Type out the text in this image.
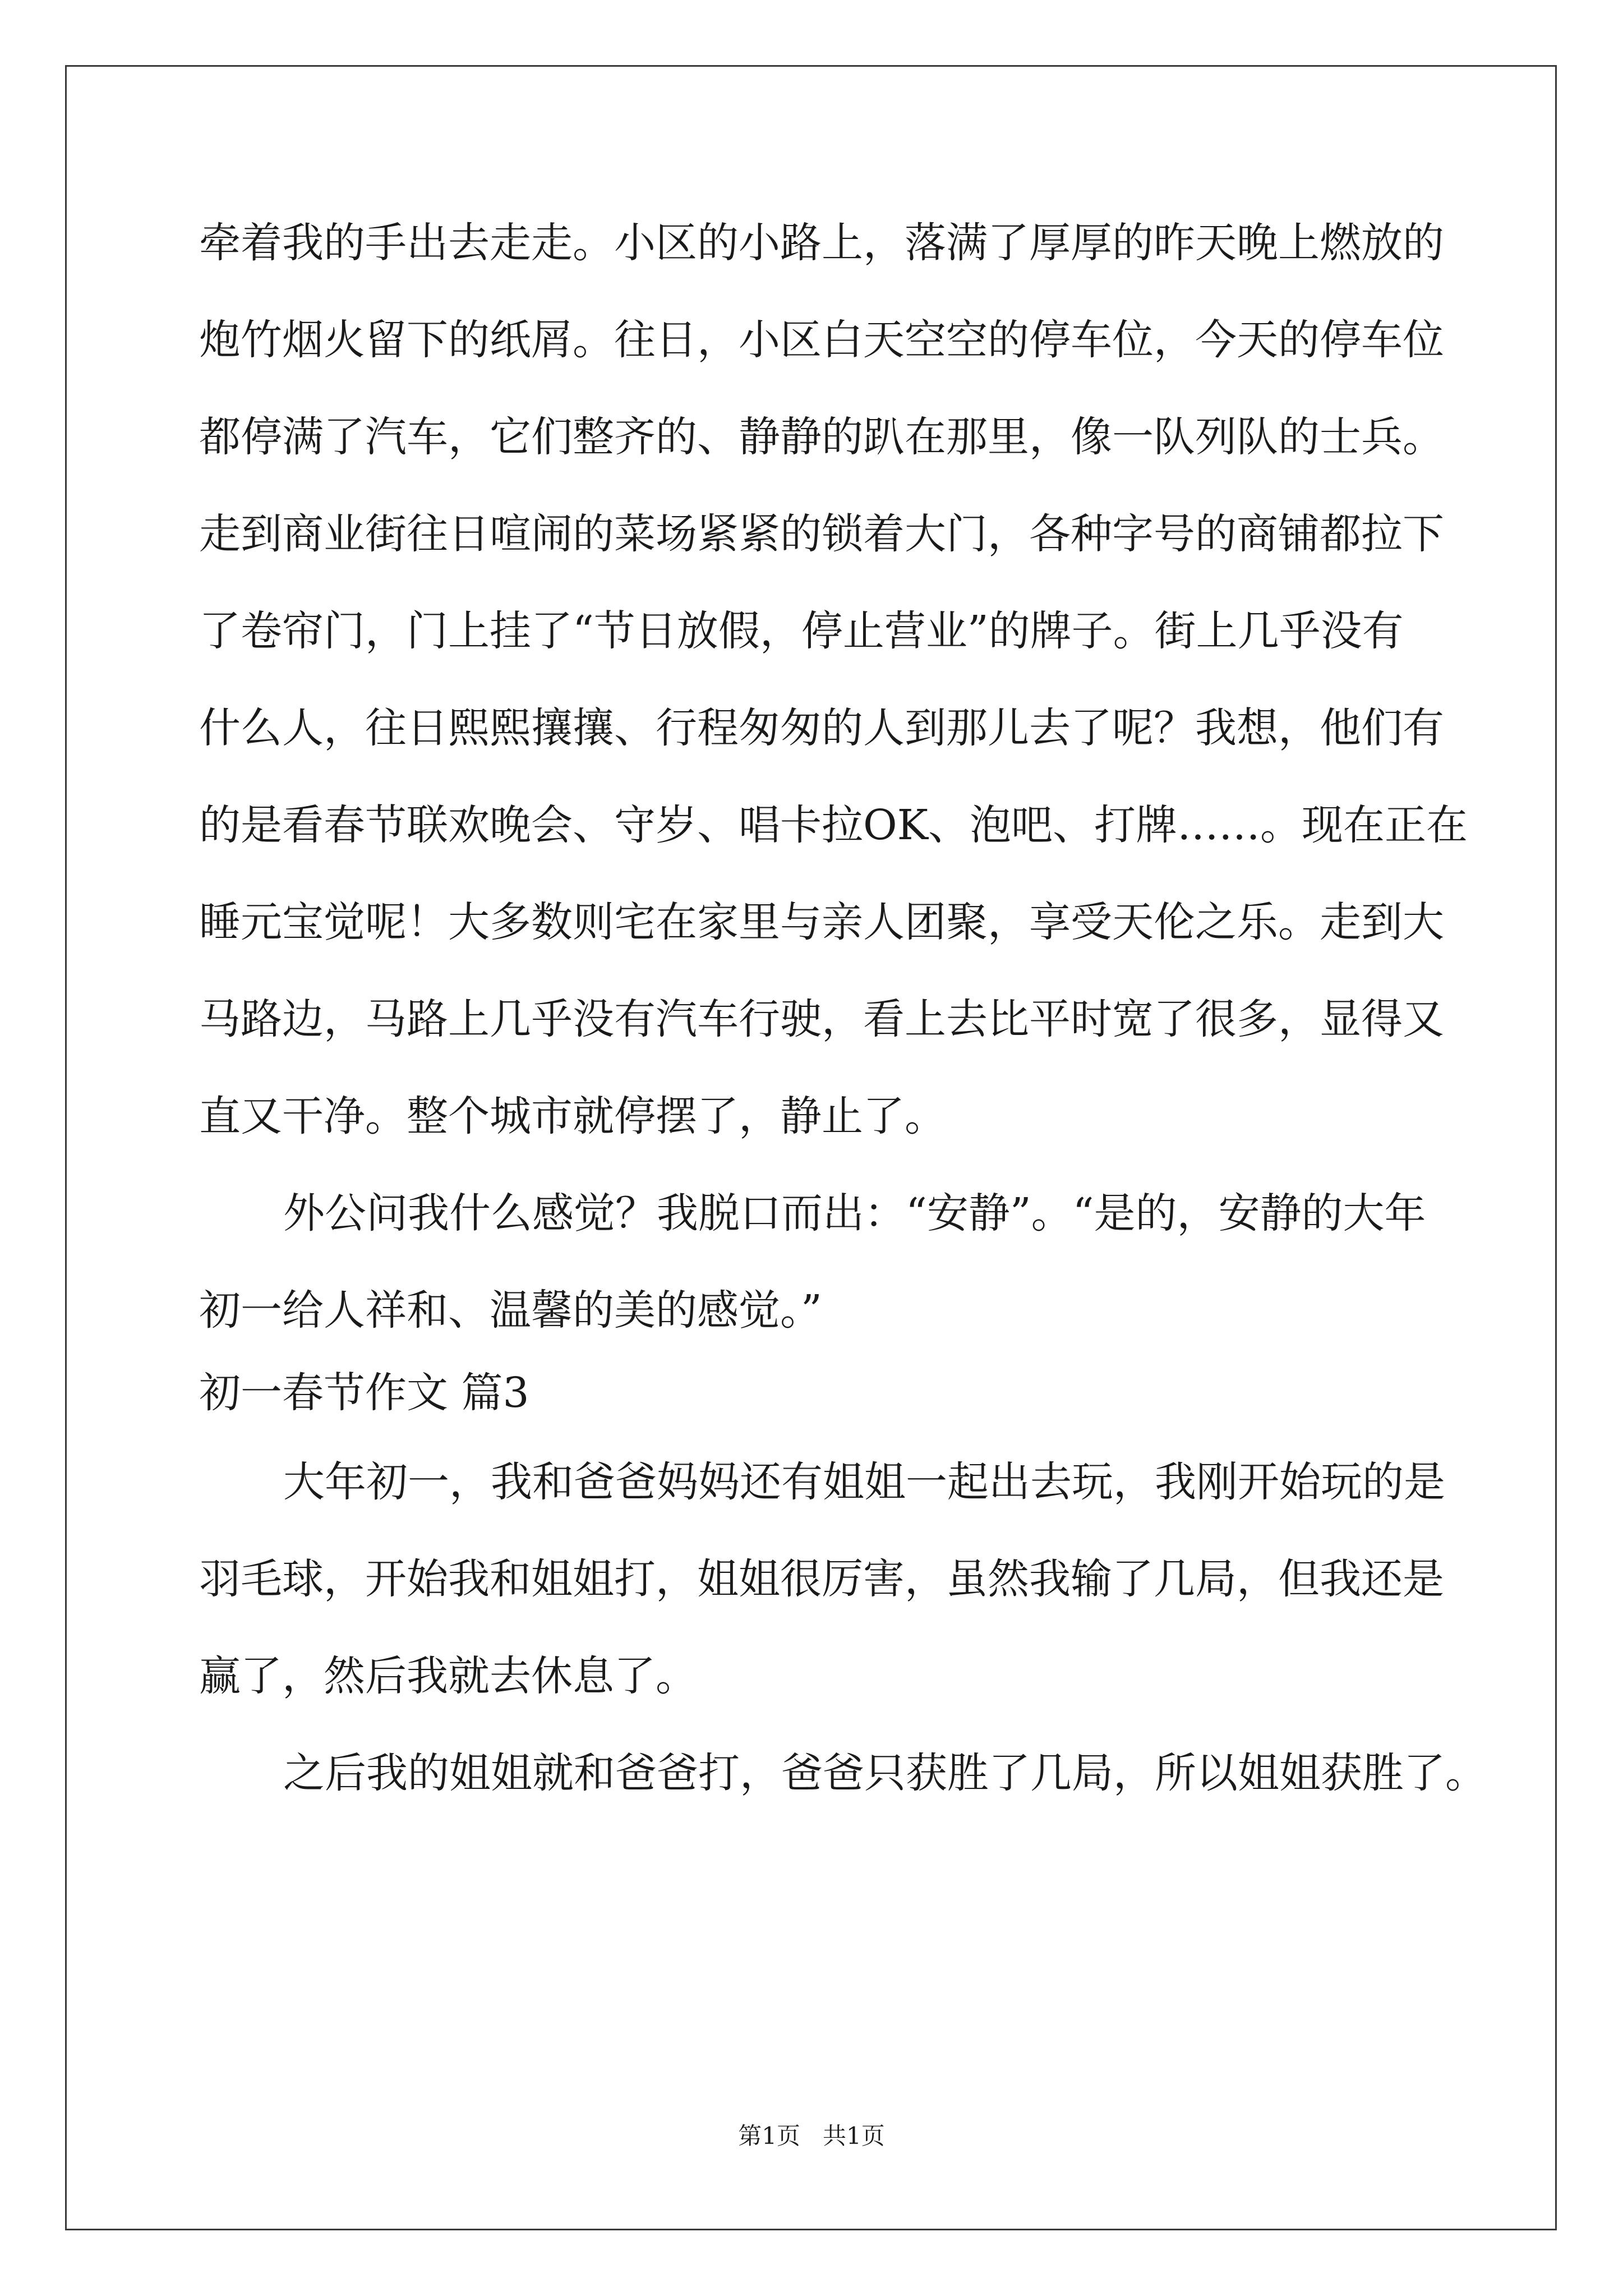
牵着我的手出去走走。小区的小路上，落满了厚厚的昨天晚上燃放的
炮竹烟火留下的纸屑。往日，小区白天空空的停车位，今天的停车位
都停满了汽车，它们整齐的、静静的趴在那里，像一队列队的士兵。
走到商业街往日喧闹的菜场紧紧的锁着大门，各种字号的商铺都拉下
了卷帘门，门上挂了“节日放假，停止营业”的牌子。街上几乎没有
什么人，往日熙熙攘攘、行程匆匆的人到那儿去了呢？我想，他们有
的是看春节联欢晚会、守岁、唱卡拉OK、泡吧、打牌……。现在正在
睡元宝觉呢！大多数则宅在家里与亲人团聚，享受天伦之乐。走到大
马路边，马路上几乎没有汽车行驶，看上去比平时宽了很多，显得又
直又干净。整个城市就停摆了，静止了。
外公问我什么感觉？我脱口而出：“安静”。“是的，安静的大年
初一给人祥和、温馨的美的感觉。”
初一春节作文 篇3
大年初一，我和爸爸妈妈还有姐姐一起出去玩，我刚开始玩的是
羽毛球，开始我和姐姐打，姐姐很厉害，虽然我输了几局，但我还是
赢了，然后我就去休息了。
之后我的姐姐就和爸爸打，爸爸只获胜了几局，所以姐姐获胜了。
第1页   共1页
